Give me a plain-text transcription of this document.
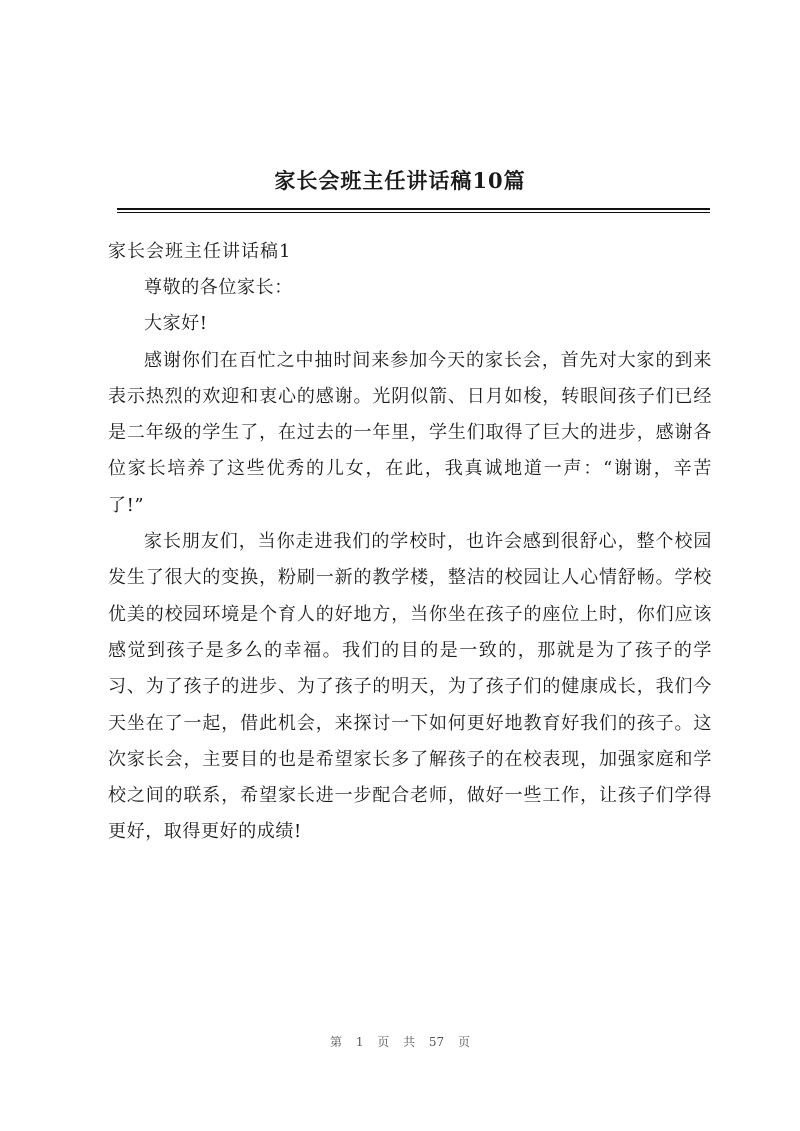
家长会班主任讲话稿10篇
家长会班主任讲话稿1

尊敬的各位家长：

大家好!

感谢你们在百忙之中抽时间来参加今天的家长会，首先对大家的到来表示热烈的欢迎和衷心的感谢。光阴似箭、日月如梭，转眼间孩子们已经是二年级的学生了，在过去的一年里，学生们取得了巨大的进步，感谢各位家长培养了这些优秀的儿女，在此，我真诚地道一声：“谢谢，辛苦了!”

家长朋友们，当你走进我们的学校时，也许会感到很舒心，整个校园发生了很大的变换，粉刷一新的教学楼，整洁的校园让人心情舒畅。学校优美的校园环境是个育人的好地方，当你坐在孩子的座位上时，你们应该感觉到孩子是多么的幸福。我们的目的是一致的，那就是为了孩子的学习、为了孩子的进步、为了孩子的明天，为了孩子们的健康成长，我们今天坐在了一起，借此机会，来探讨一下如何更好地教育好我们的孩子。这次家长会，主要目的也是希望家长多了解孩子的在校表现，加强家庭和学校之间的联系，希望家长进一步配合老师，做好一些工作，让孩子们学得更好，取得更好的成绩!

第 1 页 共 57 页
